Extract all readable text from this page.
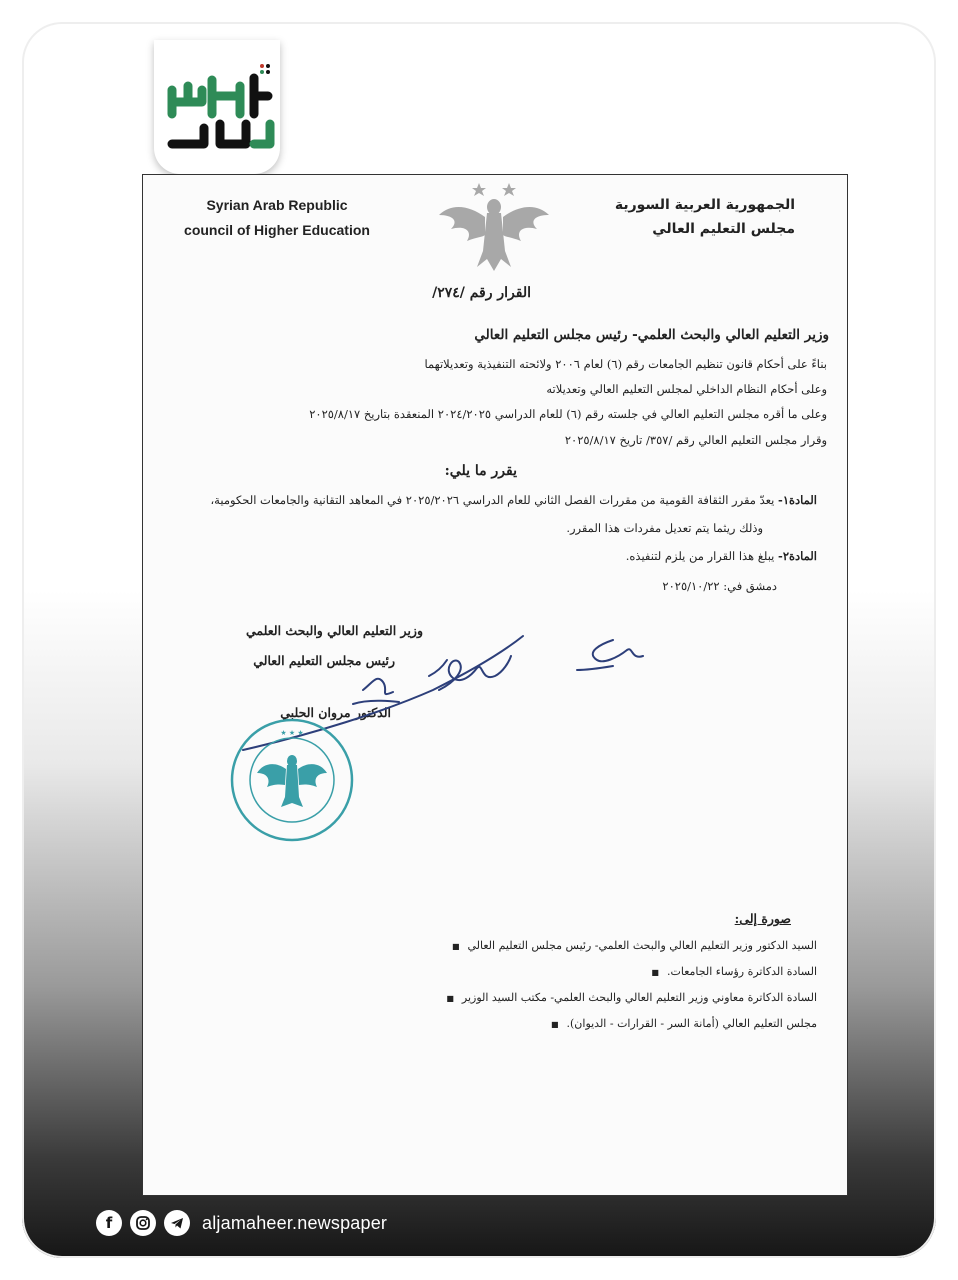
الجمهورية العربية السورية
مجلس التعليم العالي
Syrian Arab Republic
council of Higher Education
القرار رقم /٢٧٤/
وزير التعليم العالي والبحث العلمي- رئيس مجلس التعليم العالي
بناءً على أحكام قانون تنظيم الجامعات رقم (٦) لعام ٢٠٠٦ ولائحته التنفيذية وتعديلاتهما
وعلى أحكام النظام الداخلي لمجلس التعليم العالي وتعديلاته
وعلى ما أقره مجلس التعليم العالي في جلسته رقم (٦) للعام الدراسي ٢٠٢٤/٢٠٢٥ المنعقدة بتاريخ ٢٠٢٥/٨/١٧
وقرار مجلس التعليم العالي رقم /٣٥٧/ تاريخ ٢٠٢٥/٨/١٧
يقرر ما يلي:
المادة١- يعدّ مقرر الثقافة القومية من مقررات الفصل الثاني للعام الدراسي ٢٠٢٥/٢٠٢٦ في المعاهد التقانية والجامعات الحكومية،
وذلك ريثما يتم تعديل مفردات هذا المقرر.
المادة٢- يبلغ هذا القرار من يلزم لتنفيذه.
دمشق في: ٢٠٢٥/١٠/٢٢
وزير التعليم العالي والبحث العلمي
رئيس مجلس التعليم العالي
الدكتور مروان الحلبي
★ ★ ★
صورة إلى:
السيد الدكتور وزير التعليم العالي والبحث العلمي- رئيس مجلس التعليم العالي ■
السادة الدكاترة رؤساء الجامعات. ■
السادة الدكاترة معاوني وزير التعليم العالي والبحث العلمي- مكتب السيد الوزير ■
مجلس التعليم العالي (أمانة السر - القرارات - الديوان). ■
f	aljamaheer.newspaper
